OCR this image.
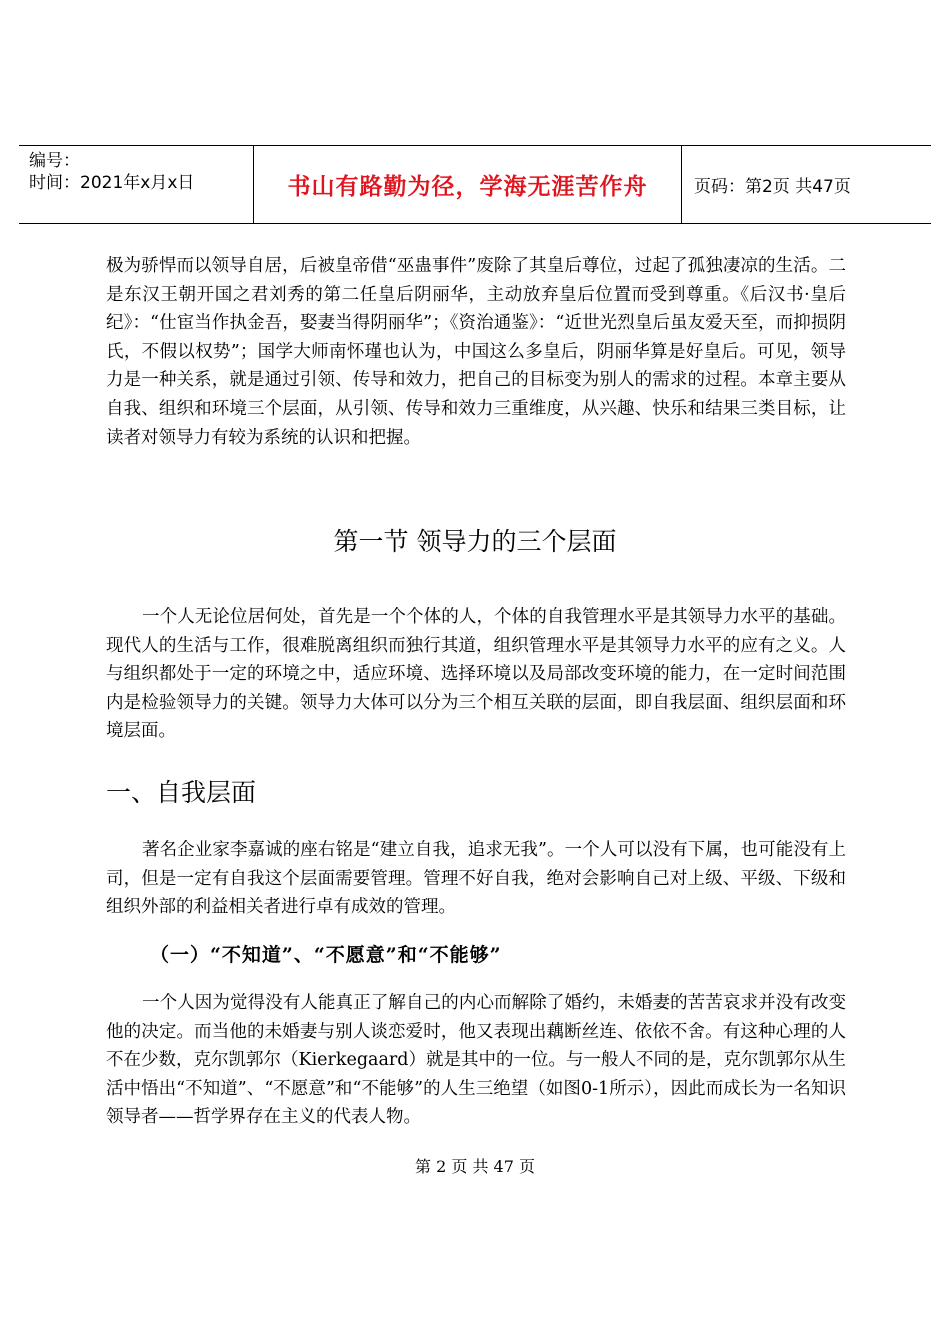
编号：
时间：2021年x月x日	书山有路勤为径，学海无涯苦作舟	页码：第2页 共47页

极为骄悍而以领导自居，后被皇帝借“巫蛊事件”废除了其皇后尊位，过起了孤独凄凉的生活。二是东汉王朝开国之君刘秀的第二任皇后阴丽华，主动放弃皇后位置而受到尊重。《后汉书·皇后纪》：“仕宦当作执金吾，娶妻当得阴丽华”；《资治通鉴》：“近世光烈皇后虽友爱天至，而抑损阴氏，不假以权势”；国学大师南怀瑾也认为，中国这么多皇后，阴丽华算是好皇后。可见，领导力是一种关系，就是通过引领、传导和效力，把自己的目标变为别人的需求的过程。本章主要从自我、组织和环境三个层面，从引领、传导和效力三重维度，从兴趣、快乐和结果三类目标，让读者对领导力有较为系统的认识和把握。

第一节 领导力的三个层面

一个人无论位居何处，首先是一个个体的人，个体的自我管理水平是其领导力水平的基础。现代人的生活与工作，很难脱离组织而独行其道，组织管理水平是其领导力水平的应有之义。人与组织都处于一定的环境之中，适应环境、选择环境以及局部改变环境的能力，在一定时间范围内是检验领导力的关键。领导力大体可以分为三个相互关联的层面，即自我层面、组织层面和环境层面。

一、自我层面

著名企业家李嘉诚的座右铭是“建立自我，追求无我”。一个人可以没有下属，也可能没有上司，但是一定有自我这个层面需要管理。管理不好自我，绝对会影响自己对上级、平级、下级和组织外部的利益相关者进行卓有成效的管理。

（一）“不知道”、“不愿意”和“不能够”

一个人因为觉得没有人能真正了解自己的内心而解除了婚约，未婚妻的苦苦哀求并没有改变他的决定。而当他的未婚妻与别人谈恋爱时，他又表现出藕断丝连、依依不舍。有这种心理的人不在少数，克尔凯郭尔（Kierkegaard）就是其中的一位。与一般人不同的是，克尔凯郭尔从生活中悟出“不知道”、“不愿意”和“不能够”的人生三绝望（如图0-1所示），因此而成长为一名知识领导者——哲学界存在主义的代表人物。

第 2 页 共 47 页
